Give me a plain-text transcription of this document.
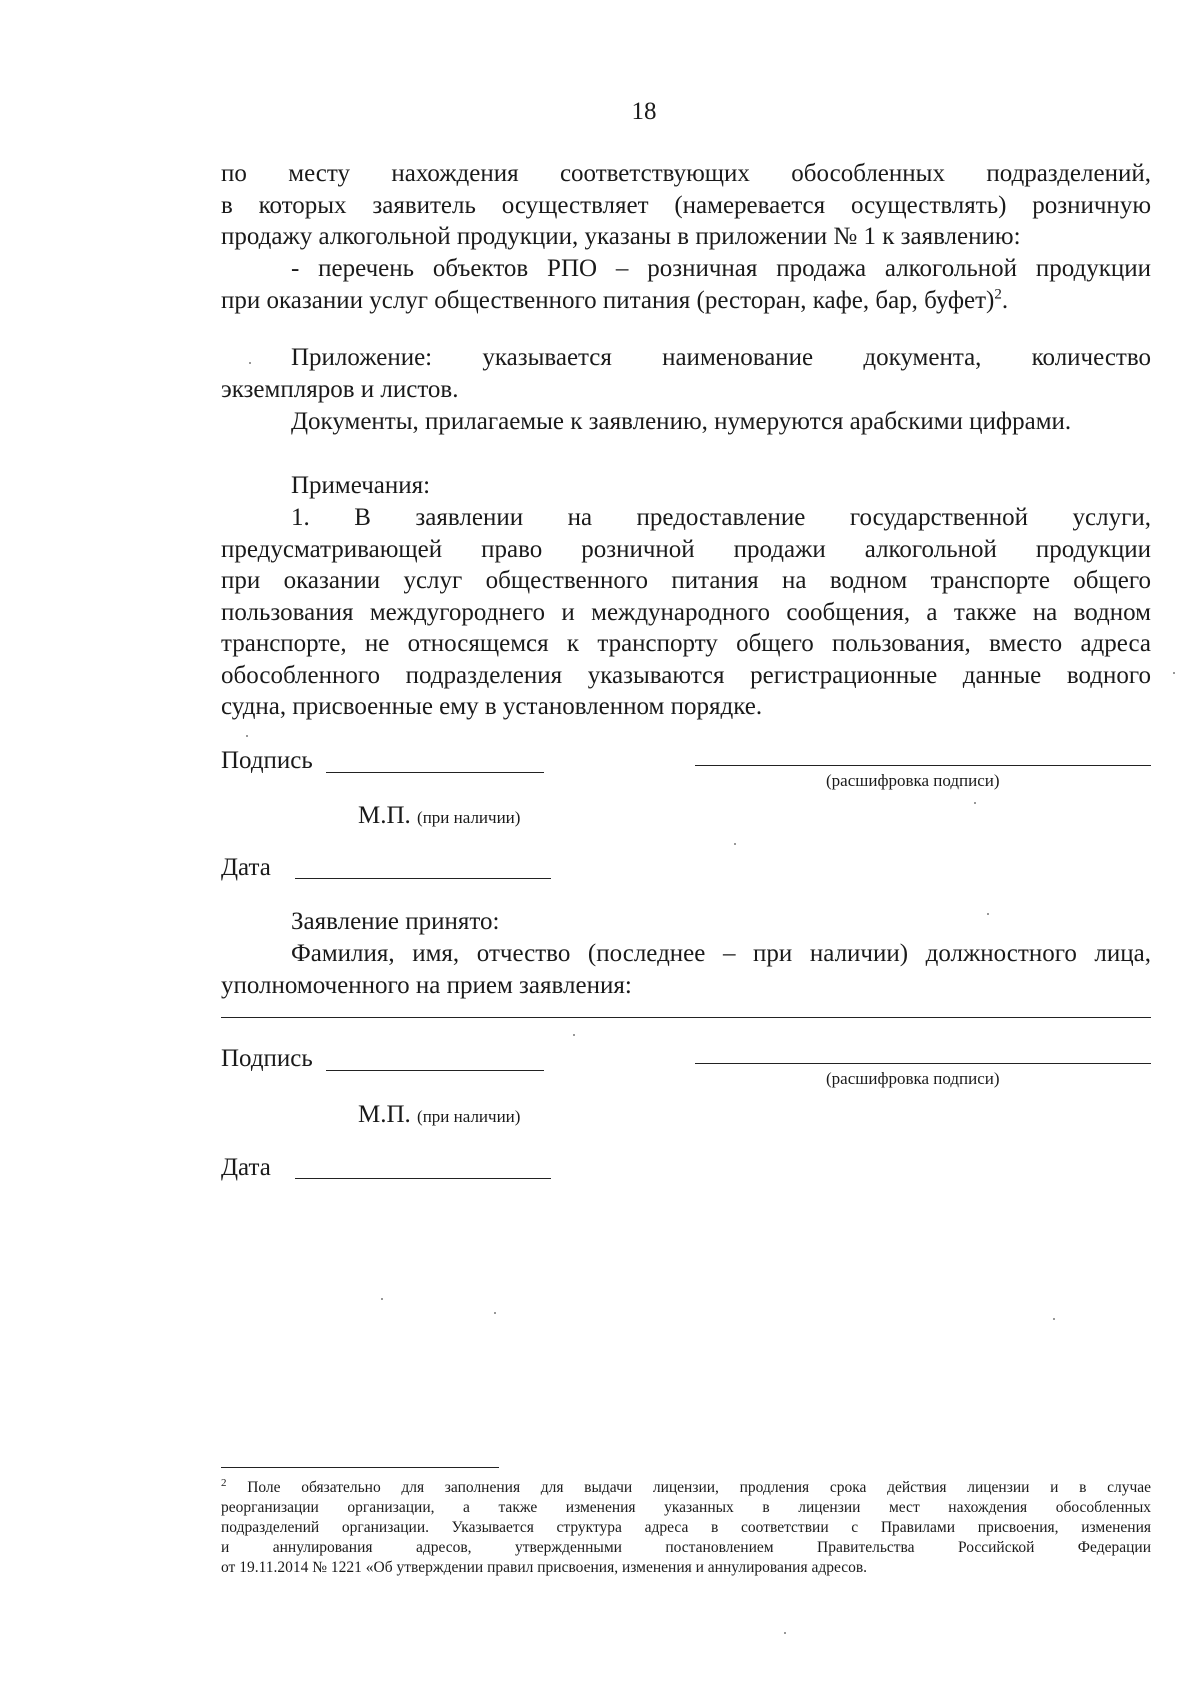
18
по месту нахождения соответствующих обособленных подразделений,
в которых заявитель осуществляет (намеревается осуществлять) розничную
продажу алкогольной продукции, указаны в приложении № 1 к заявлению:
- перечень объектов РПО – розничная продажа алкогольной продукции
при оказании услуг общественного питания (ресторан, кафе, бар, буфет)$^2$.
Приложение: указывается наименование документа, количество
экземпляров и листов.
Документы, прилагаемые к заявлению, нумеруются арабскими цифрами.
Примечания:
1. В заявлении на предоставление государственной услуги,
предусматривающей право розничной продажи алкогольной продукции
при оказании услуг общественного питания на водном транспорте общего
пользования междугороднего и международного сообщения, а также на водном
транспорте, не относящемся к транспорту общего пользования, вместо адреса
обособленного подразделения указываются регистрационные данные водного
судна, присвоенные ему в установленном порядке.
Подпись
(расшифровка подписи)
М.П. (при наличии)
Дата
Заявление принято:
Фамилия, имя, отчество (последнее – при наличии) должностного лица,
уполномоченного на прием заявления:
Подпись
(расшифровка подписи)
М.П. (при наличии)
Дата
$^2$ Поле обязательно для заполнения для выдачи лицензии, продления срока действия лицензии и в случае
реорганизации организации, а также изменения указанных в лицензии мест нахождения обособленных
подразделений организации. Указывается структура адреса в соответствии с Правилами присвоения, изменения
и аннулирования адресов, утвержденными постановлением Правительства Российской Федерации
от 19.11.2014 № 1221 «Об утверждении правил присвоения, изменения и аннулирования адресов.
